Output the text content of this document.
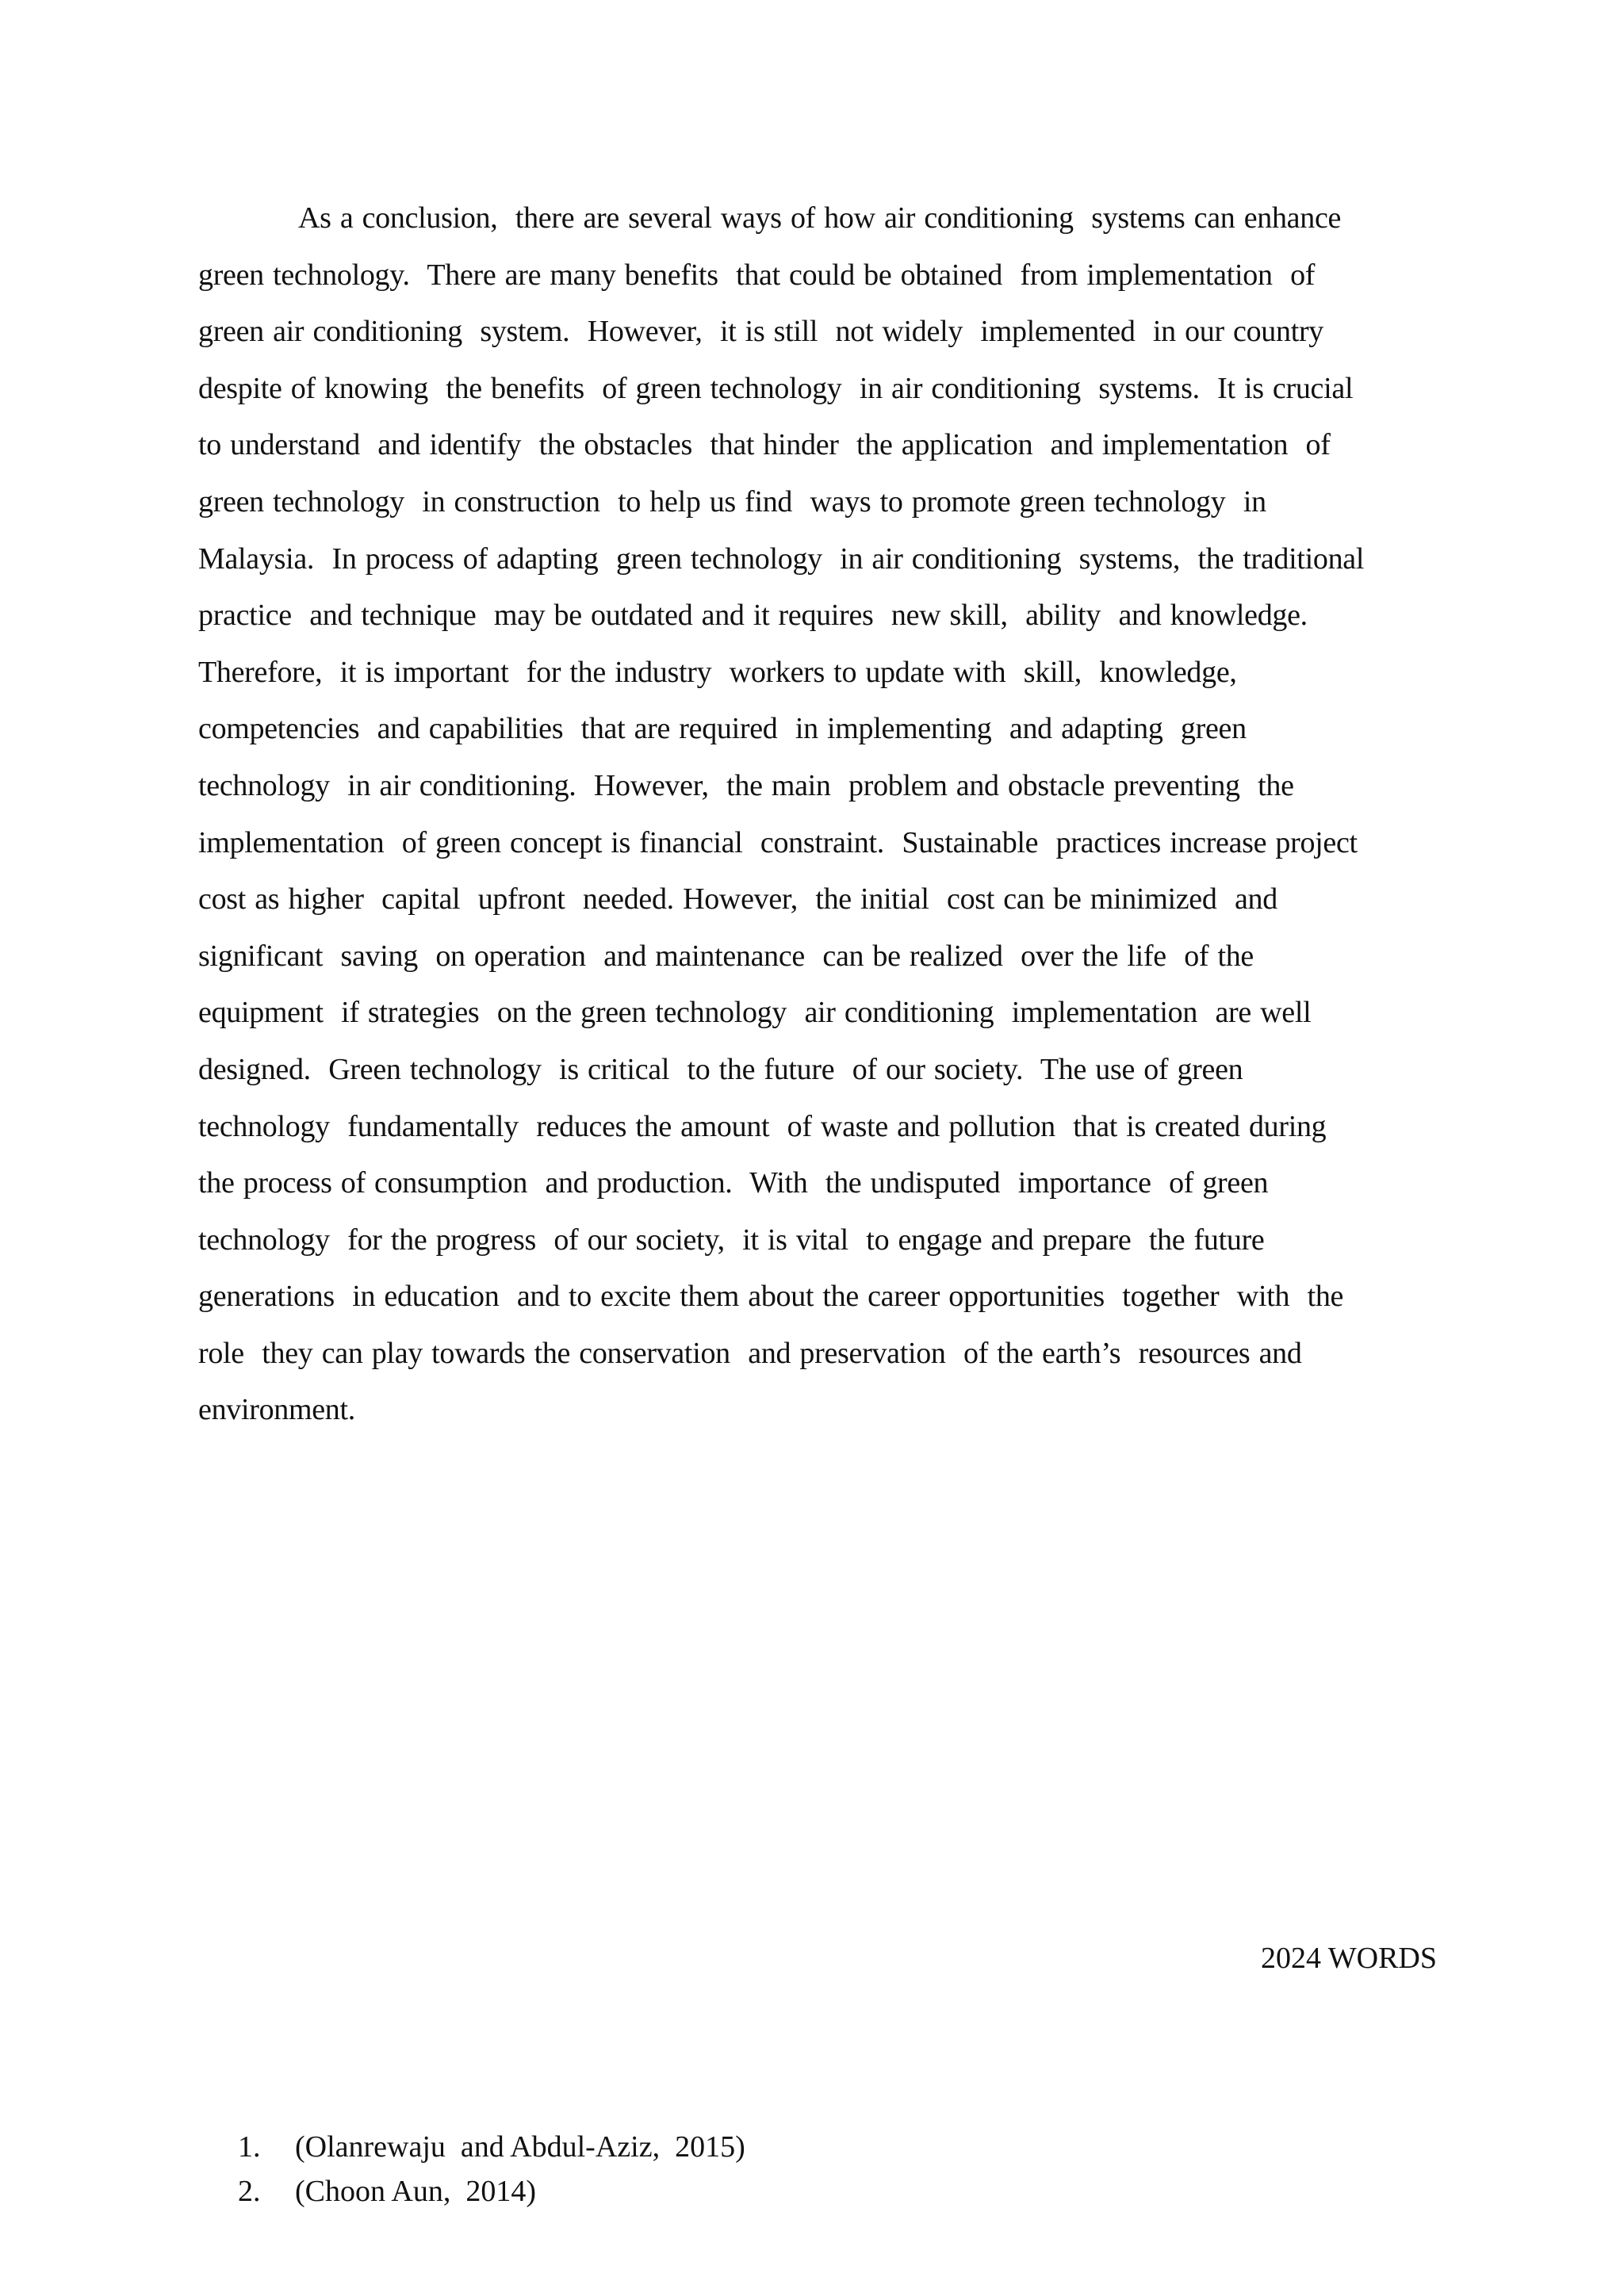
As a conclusion,  there are several ways of how air conditioning  systems can enhance
green technology.  There are many benefits  that could be obtained  from implementation  of
green air conditioning  system.  However,  it is still  not widely  implemented  in our country
despite of knowing  the benefits  of green technology  in air conditioning  systems.  It is crucial
to understand  and identify  the obstacles  that hinder  the application  and implementation  of
green technology  in construction  to help us find  ways to promote green technology  in
Malaysia.  In process of adapting  green technology  in air conditioning  systems,  the traditional
practice  and technique  may be outdated and it requires  new skill,  ability  and knowledge.
Therefore,  it is important  for the industry  workers to update with  skill,  knowledge,
competencies  and capabilities  that are required  in implementing  and adapting  green
technology  in air conditioning.  However,  the main  problem and obstacle preventing  the
implementation  of green concept is financial  constraint.  Sustainable  practices increase project
cost as higher  capital  upfront  needed. However,  the initial  cost can be minimized  and
significant  saving  on operation  and maintenance  can be realized  over the life  of the
equipment  if strategies  on the green technology  air conditioning  implementation  are well
designed.  Green technology  is critical  to the future  of our society.  The use of green
technology  fundamentally  reduces the amount  of waste and pollution  that is created during
the process of consumption  and production.  With  the undisputed  importance  of green
technology  for the progress  of our society,  it is vital  to engage and prepare  the future
generations  in education  and to excite them about the career opportunities  together  with  the
role  they can play towards the conservation  and preservation  of the earth’s  resources and
environment.
2024 WORDS
1.	(Olanrewaju  and Abdul-Aziz,  2015)
2.	(Choon Aun,  2014)
